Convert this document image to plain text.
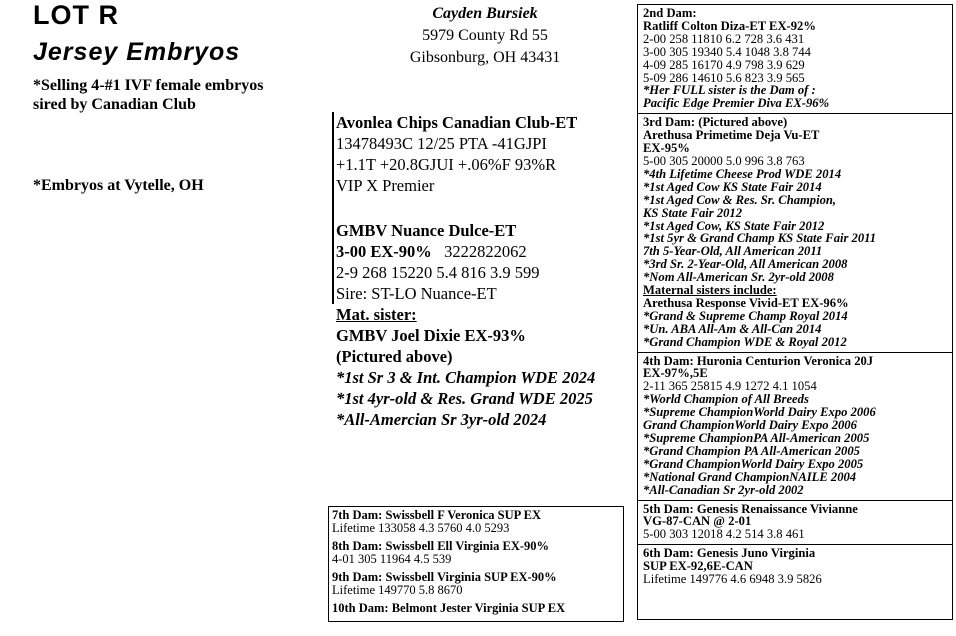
LOT R
Jersey Embryos
*Selling 4-#1 IVF female embryos
sired by Canadian Club
*Embryos at Vytelle, OH
Cayden Bursiek
5979 County Rd 55
Gibsonburg, OH 43431
Avonlea Chips Canadian Club-ET
13478493C 12/25 PTA -41GJPI
+1.1T +20.8GJUI +.06%F 93%R
VIP X Premier
GMBV Nuance Dulce-ET
3-00 EX-90% 3222822062
2-9 268 15220 5.4 816 3.9 599
Sire: ST-LO Nuance-ET
Mat. sister:
GMBV Joel Dixie EX-93%
(Pictured above)
*1st Sr 3 & Int. Champion WDE 2024
*1st 4yr-old & Res. Grand WDE 2025
*All-Amercian Sr 3yr-old 2024
7th Dam: Swissbell F Veronica SUP EX
Lifetime 133058 4.3 5760 4.0 5293
8th Dam: Swissbell Ell Virginia EX-90%
4-01 305 11964 4.5 539
9th Dam: Swissbell Virginia SUP EX-90%
Lifetime 149770 5.8 8670
10th Dam: Belmont Jester Virginia SUP EX
2nd Dam:
Ratliff Colton Diza-ET EX-92%
2-00 258 11810 6.2 728 3.6 431
3-00 305 19340 5.4 1048 3.8 744
4-09 285 16170 4.9 798 3.9 629
5-09 286 14610 5.6 823 3.9 565
*Her FULL sister is the Dam of :
Pacific Edge Premier Diva EX-96%
3rd Dam: (Pictured above)
Arethusa Primetime Deja Vu-ET
EX-95%
5-00 305 20000 5.0 996 3.8 763
*4th Lifetime Cheese Prod WDE 2014
*1st Aged Cow KS State Fair 2014
*1st Aged Cow & Res. Sr. Champion,
KS State Fair 2012
*1st Aged Cow, KS State Fair 2012
*1st 5yr & Grand Champ KS State Fair 2011
7th 5-Year-Old, All American 2011
*3rd Sr. 2-Year-Old, All American 2008
*Nom All-American Sr. 2yr-old 2008
Maternal sisters include:
Arethusa Response Vivid-ET EX-96%
*Grand & Supreme Champ Royal 2014
*Un. ABA All-Am & All-Can 2014
*Grand Champion WDE & Royal 2012
4th Dam: Huronia Centurion Veronica 20J
EX-97%,5E
2-11 365 25815 4.9 1272 4.1 1054
*World Champion of All Breeds
*Supreme ChampionWorld Dairy Expo 2006
Grand ChampionWorld Dairy Expo 2006
*Supreme ChampionPA All-American 2005
*Grand Champion PA All-American 2005
*Grand ChampionWorld Dairy Expo 2005
*National Grand ChampionNAILE 2004
*All-Canadian Sr 2yr-old 2002
5th Dam: Genesis Renaissance Vivianne
VG-87-CAN @ 2-01
5-00 303 12018 4.2 514 3.8 461
6th Dam: Genesis Juno Virginia
SUP EX-92,6E-CAN
Lifetime 149776 4.6 6948 3.9 5826
